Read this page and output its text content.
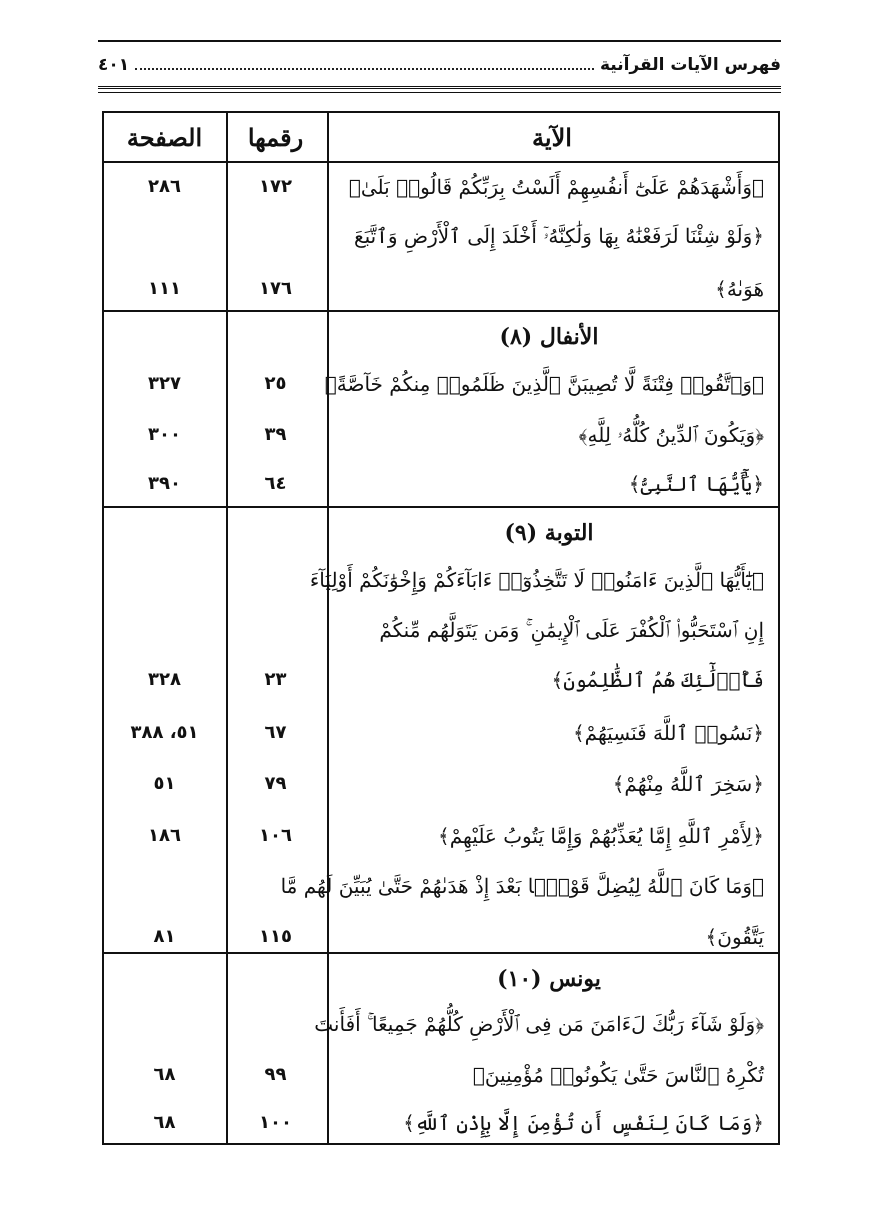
فهرس الآيات القرآنية
٤٠١
الآية
رقمها
الصفحة
﴿وَأَشْهَدَهُمْ عَلَىٰٓ أَنفُسِهِمْ أَلَسْتُ بِرَبِّكُمْ قَالُوا۟ بَلَىٰ﴾
١٧٢
٢٨٦
﴿وَلَوْ شِئْنَا لَرَفَعْنَٰهُ بِهَا وَلَٰكِنَّهُۥٓ أَخْلَدَ إِلَى ٱلْأَرْضِ وَٱتَّبَعَ
هَوَىٰهُ﴾
١٧٦
١١١
الأنفال (٨)
﴿وَٱتَّقُوا۟ فِتْنَةً لَّا تُصِيبَنَّ ٱلَّذِينَ ظَلَمُوا۟ مِنكُمْ خَآصَّةً﴾
٢٥
٣٢٧
﴿وَيَكُونَ ٱلدِّينُ كُلُّهُۥ لِلَّهِ﴾
٣٩
٣٠٠
﴿يَٰٓأَيُّهَا ٱلنَّبِىُّ﴾
٦٤
٣٩٠
التوبة (٩)
﴿يَٰٓأَيُّهَا ٱلَّذِينَ ءَامَنُوا۟ لَا تَتَّخِذُوٓا۟ ءَابَآءَكُمْ وَإِخْوَٰنَكُمْ أَوْلِيَآءَ
إِنِ ٱسْتَحَبُّوا۟ ٱلْكُفْرَ عَلَى ٱلْإِيمَٰنِ ۚ وَمَن يَتَوَلَّهُم مِّنكُمْ
فَأُو۟لَٰٓئِكَ هُمُ ٱلظَّٰلِمُونَ﴾
٢٣
٣٢٨
﴿نَسُوا۟ ٱللَّهَ فَنَسِيَهُمْ﴾
٦٧
٥١، ٣٨٨
﴿سَخِرَ ٱللَّهُ مِنْهُمْ﴾
٧٩
٥١
﴿لِأَمْرِ ٱللَّهِ إِمَّا يُعَذِّبُهُمْ وَإِمَّا يَتُوبُ عَلَيْهِمْ﴾
١٠٦
١٨٦
﴿وَمَا كَانَ ٱللَّهُ لِيُضِلَّ قَوْمًۢا بَعْدَ إِذْ هَدَىٰهُمْ حَتَّىٰ يُبَيِّنَ لَهُم مَّا
يَتَّقُونَ﴾
١١٥
٨١
يونس (١٠)
﴿وَلَوْ شَآءَ رَبُّكَ لَءَامَنَ مَن فِى ٱلْأَرْضِ كُلُّهُمْ جَمِيعًا ۚ أَفَأَنتَ
تُكْرِهُ ٱلنَّاسَ حَتَّىٰ يَكُونُوا۟ مُؤْمِنِينَ﴾
٩٩
٦٨
﴿وَمَا كَانَ لِنَفْسٍ أَن تُؤْمِنَ إِلَّا بِإِذْنِ ٱللَّهِ﴾
١٠٠
٦٨
